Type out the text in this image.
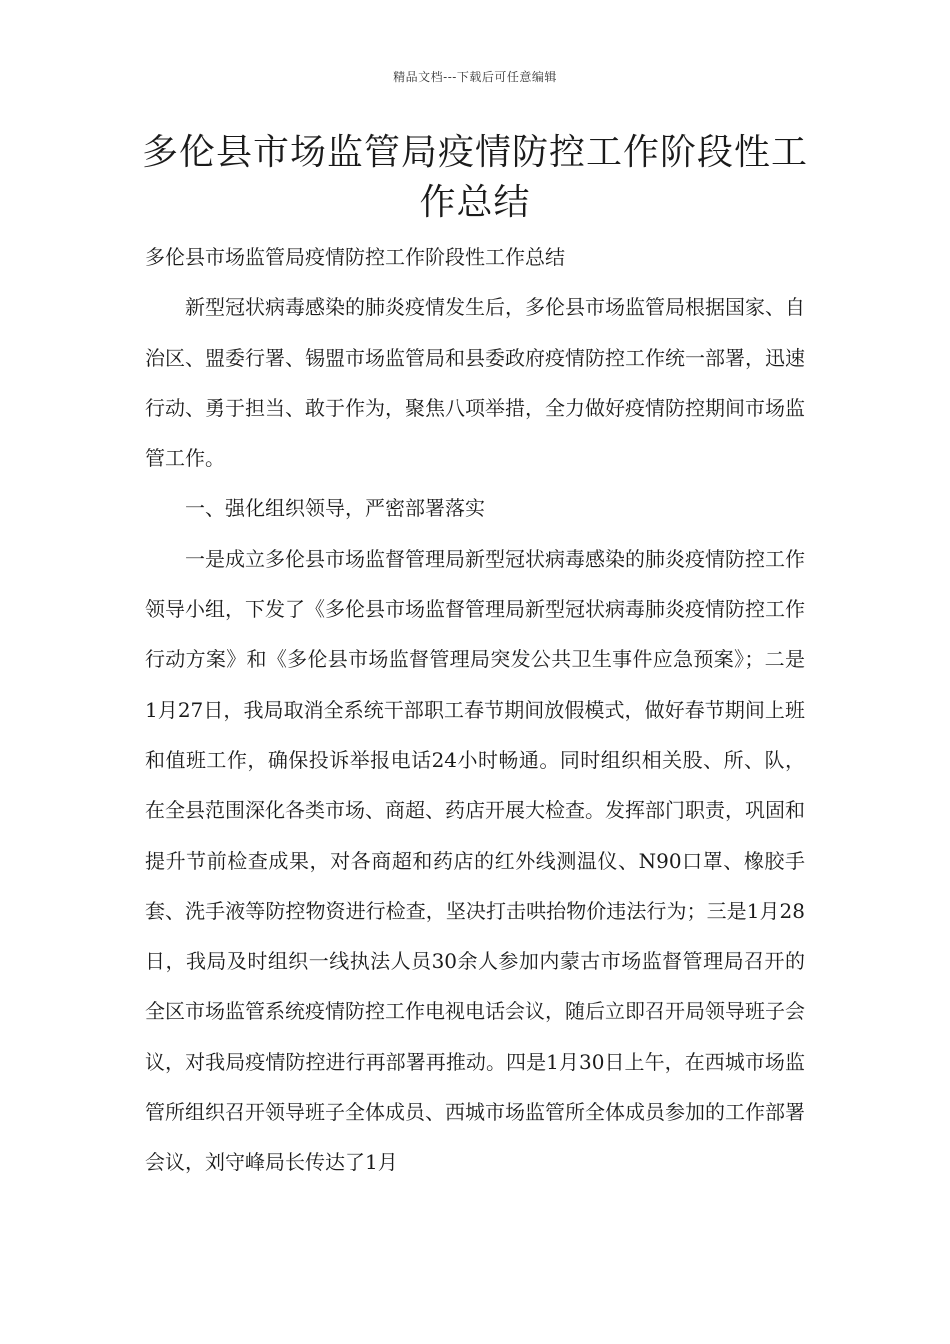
精品文档---下载后可任意编辑
多伦县市场监管局疫情防控工作阶段性工作总结

多伦县市场监管局疫情防控工作阶段性工作总结

新型冠状病毒感染的肺炎疫情发生后，多伦县市场监管局根据国家、自治区、盟委行署、锡盟市场监管局和县委政府疫情防控工作统一部署，迅速行动、勇于担当、敢于作为，聚焦八项举措，全力做好疫情防控期间市场监管工作。

一、强化组织领导，严密部署落实

一是成立多伦县市场监督管理局新型冠状病毒感染的肺炎疫情防控工作领导小组，下发了《多伦县市场监督管理局新型冠状病毒肺炎疫情防控工作行动方案》和《多伦县市场监督管理局突发公共卫生事件应急预案》；二是1月27日，我局取消全系统干部职工春节期间放假模式，做好春节期间上班和值班工作，确保投诉举报电话24小时畅通。同时组织相关股、所、队，在全县范围深化各类市场、商超、药店开展大检查。发挥部门职责，巩固和提升节前检查成果，对各商超和药店的红外线测温仪、N90口罩、橡胶手套、洗手液等防控物资进行检查，坚决打击哄抬物价违法行为；三是1月28日，我局及时组织一线执法人员30余人参加内蒙古市场监督管理局召开的全区市场监管系统疫情防控工作电视电话会议，随后立即召开局领导班子会议，对我局疫情防控进行再部署再推动。四是1月30日上午，在西城市场监管所组织召开领导班子全体成员、西城市场监管所全体成员参加的工作部署会议，刘守峰局长传达了1月
